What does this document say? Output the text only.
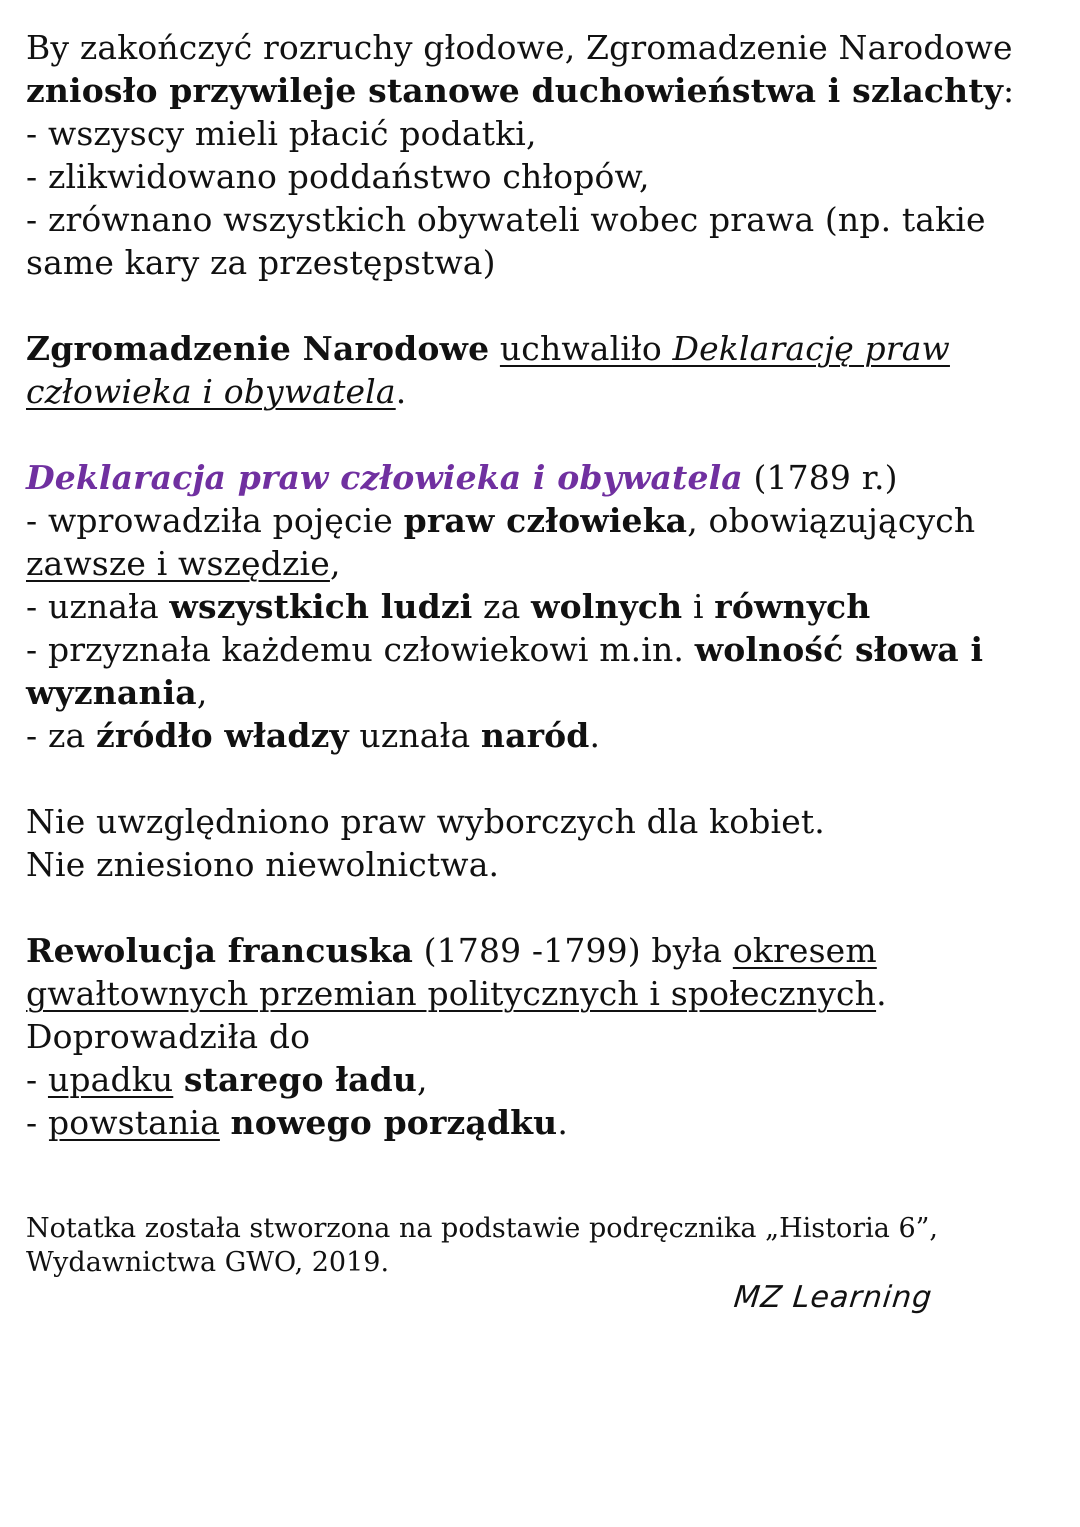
By zakończyć rozruchy głodowe, Zgromadzenie Narodowe
zniosło przywileje stanowe duchowieństwa i szlachty:
- wszyscy mieli płacić podatki,
- zlikwidowano poddaństwo chłopów,
- zrównano wszystkich obywateli wobec prawa (np. takie
same kary za przestępstwa)
Zgromadzenie Narodowe uchwaliło Deklarację praw
człowieka i obywatela.
Deklaracja praw człowieka i obywatela (1789 r.)
- wprowadziła pojęcie praw człowieka, obowiązujących
zawsze i wszędzie,
- uznała wszystkich ludzi za wolnych i równych
- przyznała każdemu człowiekowi m.in. wolność słowa i
wyznania,
- za źródło władzy uznała naród.
Nie uwzględniono praw wyborczych dla kobiet.
Nie zniesiono niewolnictwa.
Rewolucja francuska (1789 -1799) była okresem
gwałtownych przemian politycznych i społecznych.
Doprowadziła do
- upadku starego ładu,
- powstania nowego porządku.
Notatka została stworzona na podstawie podręcznika „Historia 6”,
Wydawnictwa GWO, 2019.
MZ Learning
